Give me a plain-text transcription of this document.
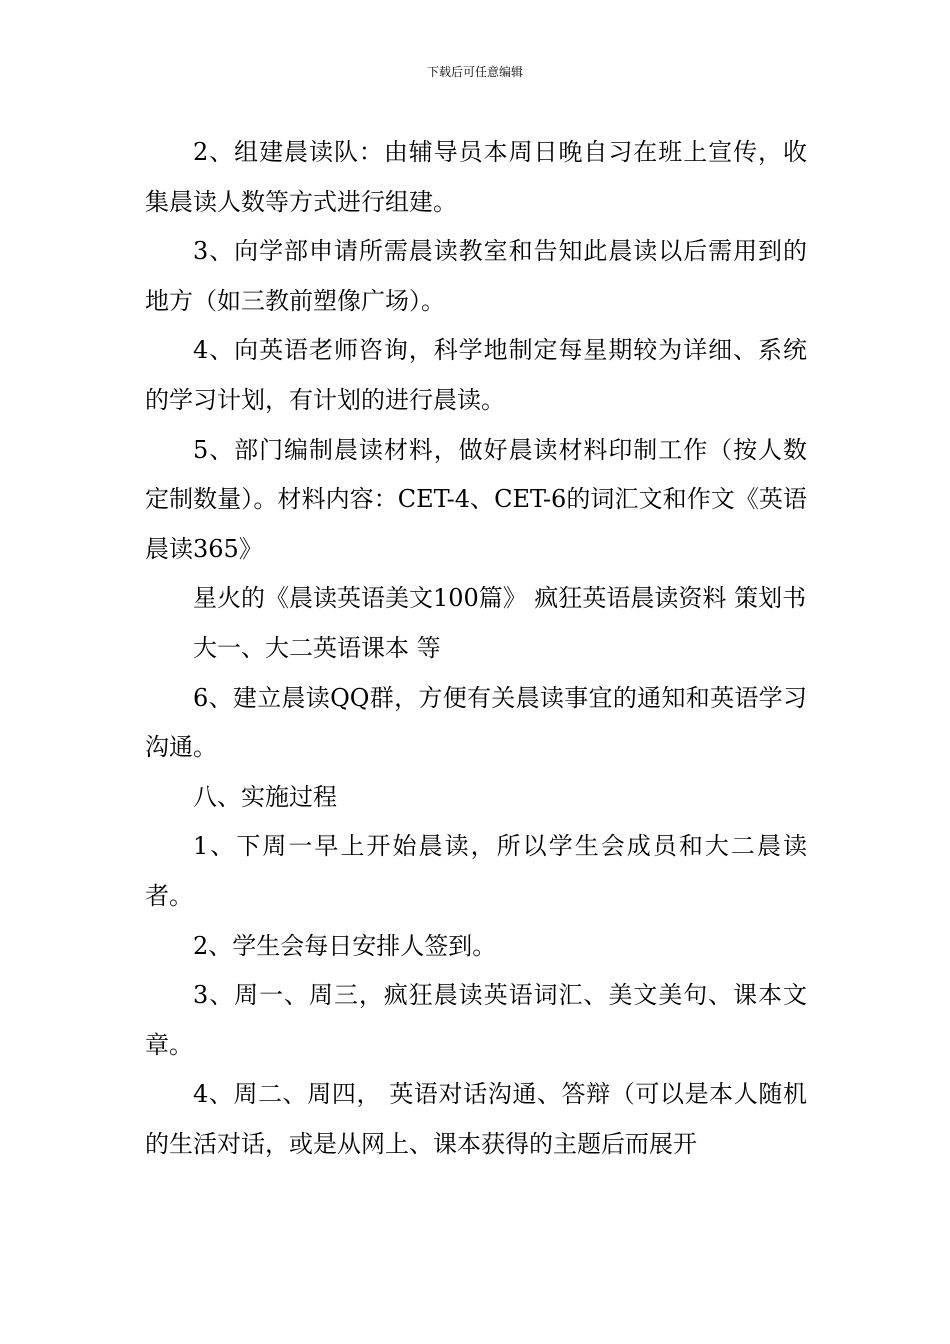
下载后可任意编辑

2、组建晨读队：由辅导员本周日晚自习在班上宣传，收集晨读人数等方式进行组建。

3、向学部申请所需晨读教室和告知此晨读以后需用到的地方（如三教前塑像广场）。

4、向英语老师咨询，科学地制定每星期较为详细、系统的学习计划，有计划的进行晨读。

5、部门编制晨读材料，做好晨读材料印制工作（按人数定制数量）。材料内容：CET-4、CET-6的词汇文和作文《英语晨读365》

星火的《晨读英语美文100篇》 疯狂英语晨读资料 策划书

大一、大二英语课本 等

6、建立晨读QQ群，方便有关晨读事宜的通知和英语学习沟通。

八、实施过程

1、下周一早上开始晨读，所以学生会成员和大二晨读者。

2、学生会每日安排人签到。

3、周一、周三，疯狂晨读英语词汇、美文美句、课本文章。

4、周二、周四， 英语对话沟通、答辩（可以是本人随机的生活对话，或是从网上、课本获得的主题后而展开
